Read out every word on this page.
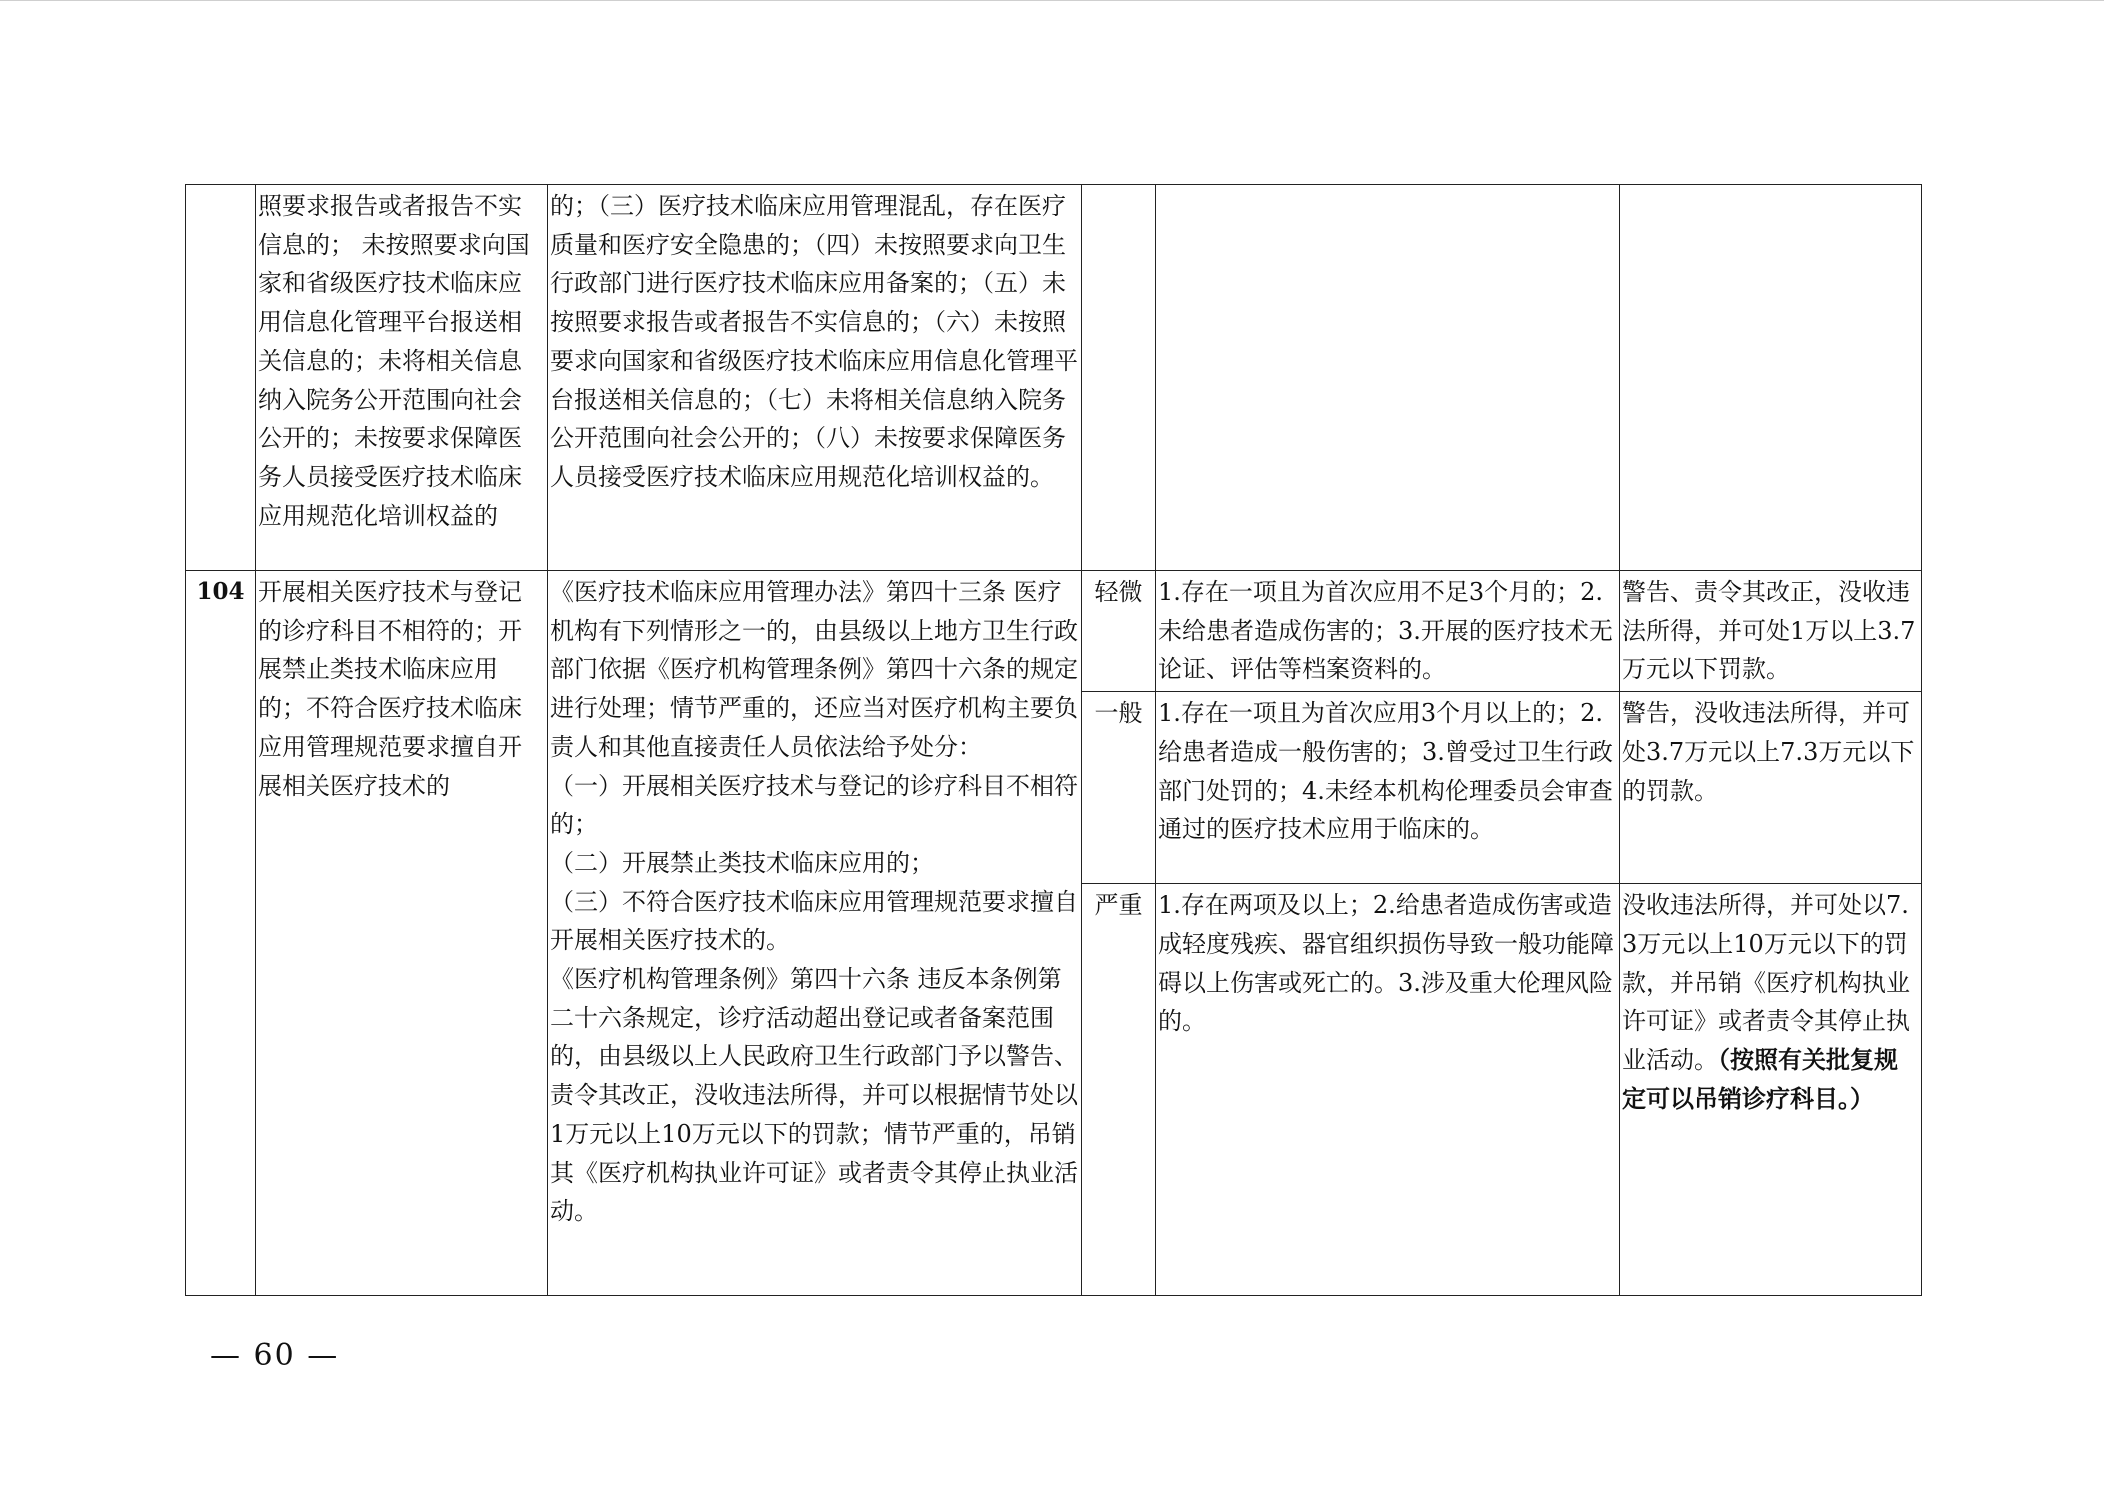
	照要求报告或者报告不实信息的； 未按照要求向国家和省级医疗技术临床应用信息化管理平台报送相关信息的；未将相关信息纳入院务公开范围向社会公开的；未按要求保障医务人员接受医疗技术临床应用规范化培训权益的	的；（三）医疗技术临床应用管理混乱，存在医疗质量和医疗安全隐患的；（四）未按照要求向卫生行政部门进行医疗技术临床应用备案的；（五）未按照要求报告或者报告不实信息的；（六）未按照要求向国家和省级医疗技术临床应用信息化管理平台报送相关信息的；（七）未将相关信息纳入院务公开范围向社会公开的；（八）未按要求保障医务人员接受医疗技术临床应用规范化培训权益的。			
104	开展相关医疗技术与登记的诊疗科目不相符的；开展禁止类技术临床应用的；不符合医疗技术临床应用管理规范要求擅自开展相关医疗技术的	《医疗技术临床应用管理办法》第四十三条 医疗机构有下列情形之一的，由县级以上地方卫生行政部门依据《医疗机构管理条例》第四十六条的规定进行处理；情节严重的，还应当对医疗机构主要负责人和其他直接责任人员依法给予处分：
（一）开展相关医疗技术与登记的诊疗科目不相符的；
（二）开展禁止类技术临床应用的；
（三）不符合医疗技术临床应用管理规范要求擅自开展相关医疗技术的。
《医疗机构管理条例》第四十六条 违反本条例第二十六条规定，诊疗活动超出登记或者备案范围的，由县级以上人民政府卫生行政部门予以警告、责令其改正，没收违法所得，并可以根据情节处以1万元以上10万元以下的罚款；情节严重的，吊销其《医疗机构执业许可证》或者责令其停止执业活动。	轻微	1.存在一项且为首次应用不足3个月的；2.未给患者造成伤害的；3.开展的医疗技术无论证、评估等档案资料的。	警告、责令其改正，没收违法所得，并可处1万以上3.7万元以下罚款。
			一般	1.存在一项且为首次应用3个月以上的；2.给患者造成一般伤害的；3.曾受过卫生行政部门处罚的；4.未经本机构伦理委员会审查通过的医疗技术应用于临床的。	警告，没收违法所得，并可处3.7万元以上7.3万元以下的罚款。
			严重	1.存在两项及以上；2.给患者造成伤害或造成轻度残疾、器官组织损伤导致一般功能障碍以上伤害或死亡的。3.涉及重大伦理风险的。	没收违法所得，并可处以7.3万元以上10万元以下的罚款，并吊销《医疗机构执业许可证》或者责令其停止执业活动。（按照有关批复规定可以吊销诊疗科目。）
— 60 —
